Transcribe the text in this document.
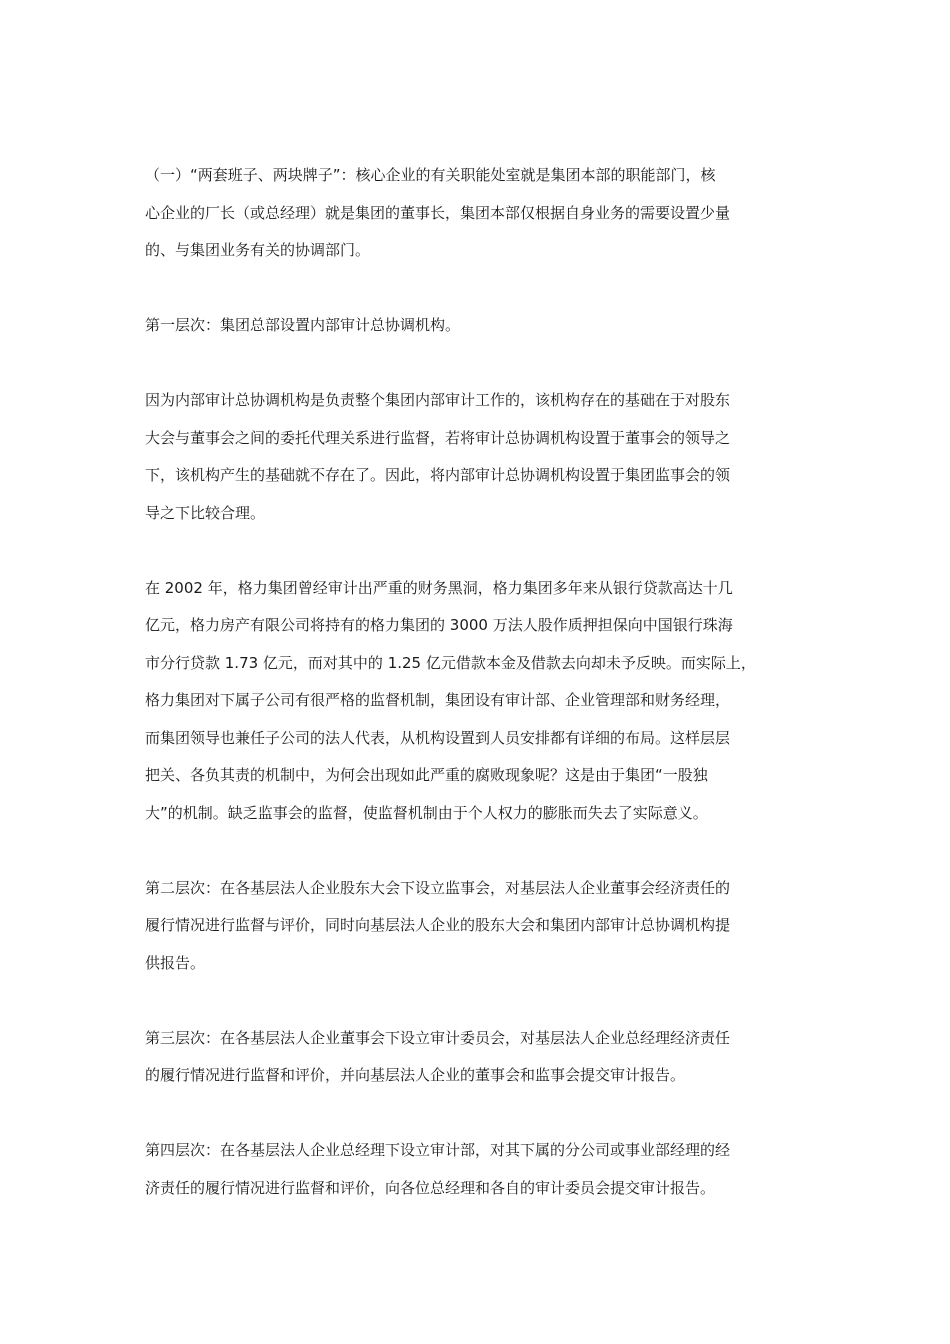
（一）“两套班子、两块牌子”：核心企业的有关职能处室就是集团本部的职能部门，核
心企业的厂长（或总经理）就是集团的董事长，集团本部仅根据自身业务的需要设置少量
的、与集团业务有关的协调部门。
第一层次：集团总部设置内部审计总协调机构。
因为内部审计总协调机构是负责整个集团内部审计工作的，该机构存在的基础在于对股东
大会与董事会之间的委托代理关系进行监督，若将审计总协调机构设置于董事会的领导之
下，该机构产生的基础就不存在了。因此，将内部审计总协调机构设置于集团监事会的领
导之下比较合理。
在 2002 年，格力集团曾经审计出严重的财务黑洞，格力集团多年来从银行贷款高达十几
亿元，格力房产有限公司将持有的格力集团的 3000 万法人股作质押担保向中国银行珠海
市分行贷款 1.73 亿元，而对其中的 1.25 亿元借款本金及借款去向却未予反映。而实际上，
格力集团对下属子公司有很严格的监督机制，集团设有审计部、企业管理部和财务经理，
而集团领导也兼任子公司的法人代表，从机构设置到人员安排都有详细的布局。这样层层
把关、各负其责的机制中，为何会出现如此严重的腐败现象呢？这是由于集团“一股独
大”的机制。缺乏监事会的监督，使监督机制由于个人权力的膨胀而失去了实际意义。
第二层次：在各基层法人企业股东大会下设立监事会，对基层法人企业董事会经济责任的
履行情况进行监督与评价，同时向基层法人企业的股东大会和集团内部审计总协调机构提
供报告。
第三层次：在各基层法人企业董事会下设立审计委员会，对基层法人企业总经理经济责任
的履行情况进行监督和评价，并向基层法人企业的董事会和监事会提交审计报告。
第四层次：在各基层法人企业总经理下设立审计部，对其下属的分公司或事业部经理的经
济责任的履行情况进行监督和评价，向各位总经理和各自的审计委员会提交审计报告。
